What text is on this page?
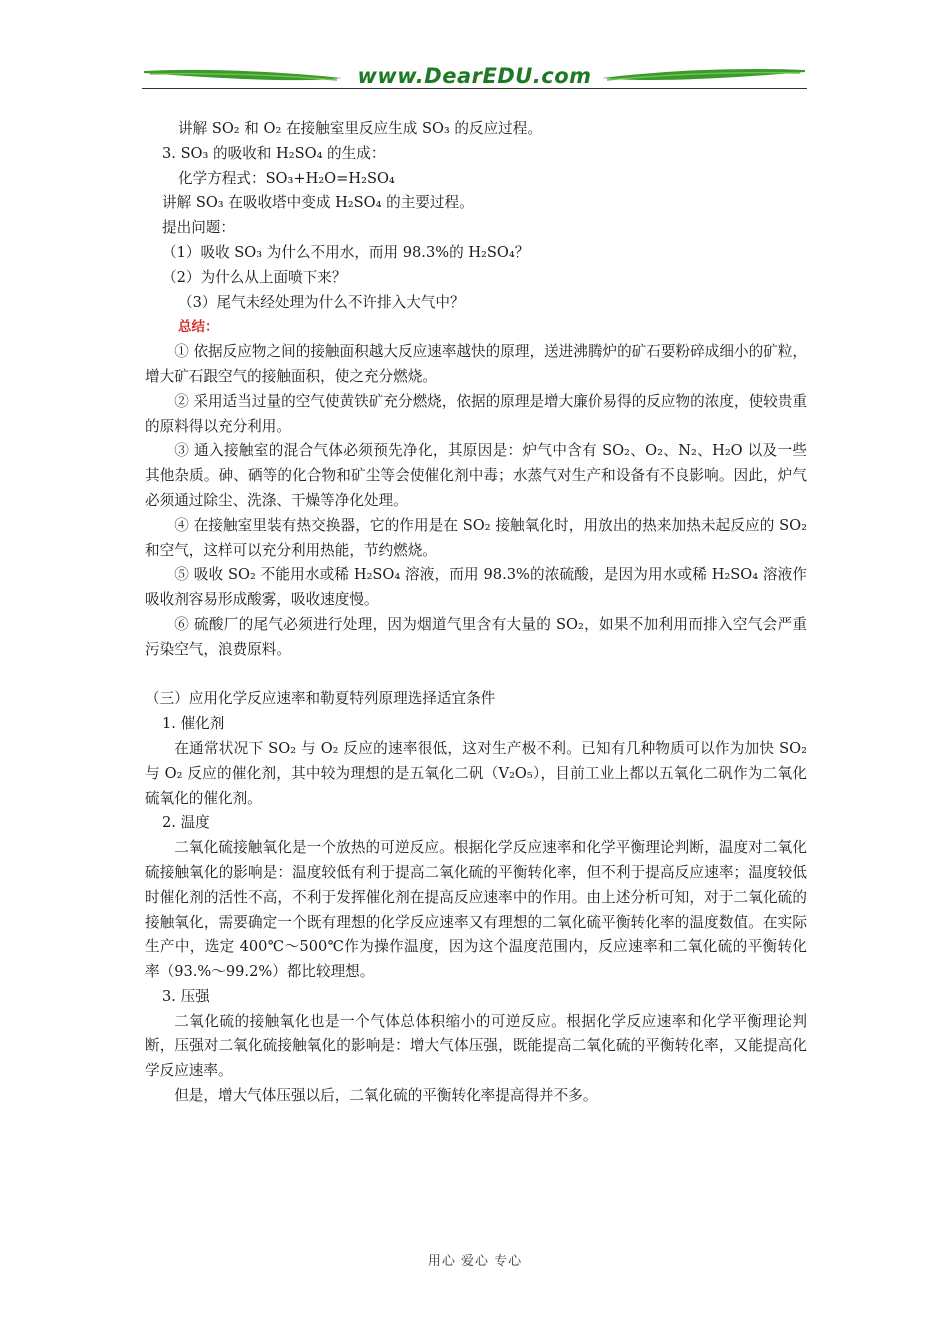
www.DearEDU.com

讲解 SO₂ 和 O₂ 在接触室里反应生成 SO₃ 的反应过程。

3. SO₃ 的吸收和 H₂SO₄ 的生成：

化学方程式：SO₃+H₂O=H₂SO₄

讲解 SO₃ 在吸收塔中变成 H₂SO₄ 的主要过程。

提出问题：

（1）吸收 SO₃ 为什么不用水，而用 98.3%的 H₂SO₄？

（2）为什么从上面喷下来？

（3）尾气未经处理为什么不许排入大气中？

总结：

① 依据反应物之间的接触面积越大反应速率越快的原理，送进沸腾炉的矿石要粉碎成细小的矿粒，增大矿石跟空气的接触面积，使之充分燃烧。

② 采用适当过量的空气使黄铁矿充分燃烧，依据的原理是增大廉价易得的反应物的浓度，使较贵重的原料得以充分利用。

③ 通入接触室的混合气体必须预先净化，其原因是：炉气中含有 SO₂、O₂、N₂、H₂O 以及一些其他杂质。砷、硒等的化合物和矿尘等会使催化剂中毒；水蒸气对生产和设备有不良影响。因此，炉气必须通过除尘、洗涤、干燥等净化处理。

④ 在接触室里装有热交换器，它的作用是在 SO₂ 接触氧化时，用放出的热来加热未起反应的 SO₂ 和空气，这样可以充分利用热能，节约燃烧。

⑤ 吸收 SO₂ 不能用水或稀 H₂SO₄ 溶液，而用 98.3%的浓硫酸，是因为用水或稀 H₂SO₄ 溶液作吸收剂容易形成酸雾，吸收速度慢。

⑥ 硫酸厂的尾气必须进行处理，因为烟道气里含有大量的 SO₂，如果不加利用而排入空气会严重污染空气，浪费原料。

（三）应用化学反应速率和勒夏特列原理选择适宜条件

1. 催化剂

在通常状况下 SO₂ 与 O₂ 反应的速率很低，这对生产极不利。已知有几种物质可以作为加快 SO₂ 与 O₂ 反应的催化剂，其中较为理想的是五氧化二矾（V₂O₅），目前工业上都以五氧化二矾作为二氧化硫氧化的催化剂。

2. 温度

二氧化硫接触氧化是一个放热的可逆反应。根据化学反应速率和化学平衡理论判断，温度对二氧化硫接触氧化的影响是：温度较低有利于提高二氧化硫的平衡转化率，但不利于提高反应速率；温度较低时催化剂的活性不高，不利于发挥催化剂在提高反应速率中的作用。由上述分析可知，对于二氧化硫的接触氧化，需要确定一个既有理想的化学反应速率又有理想的二氧化硫平衡转化率的温度数值。在实际生产中，选定 400℃～500℃作为操作温度，因为这个温度范围内，反应速率和二氧化硫的平衡转化率（93.%～99.2%）都比较理想。

3. 压强

二氧化硫的接触氧化也是一个气体总体积缩小的可逆反应。根据化学反应速率和化学平衡理论判断，压强对二氧化硫接触氧化的影响是：增大气体压强，既能提高二氧化硫的平衡转化率，又能提高化学反应速率。

但是，增大气体压强以后，二氧化硫的平衡转化率提高得并不多。

用心 爱心 专心
